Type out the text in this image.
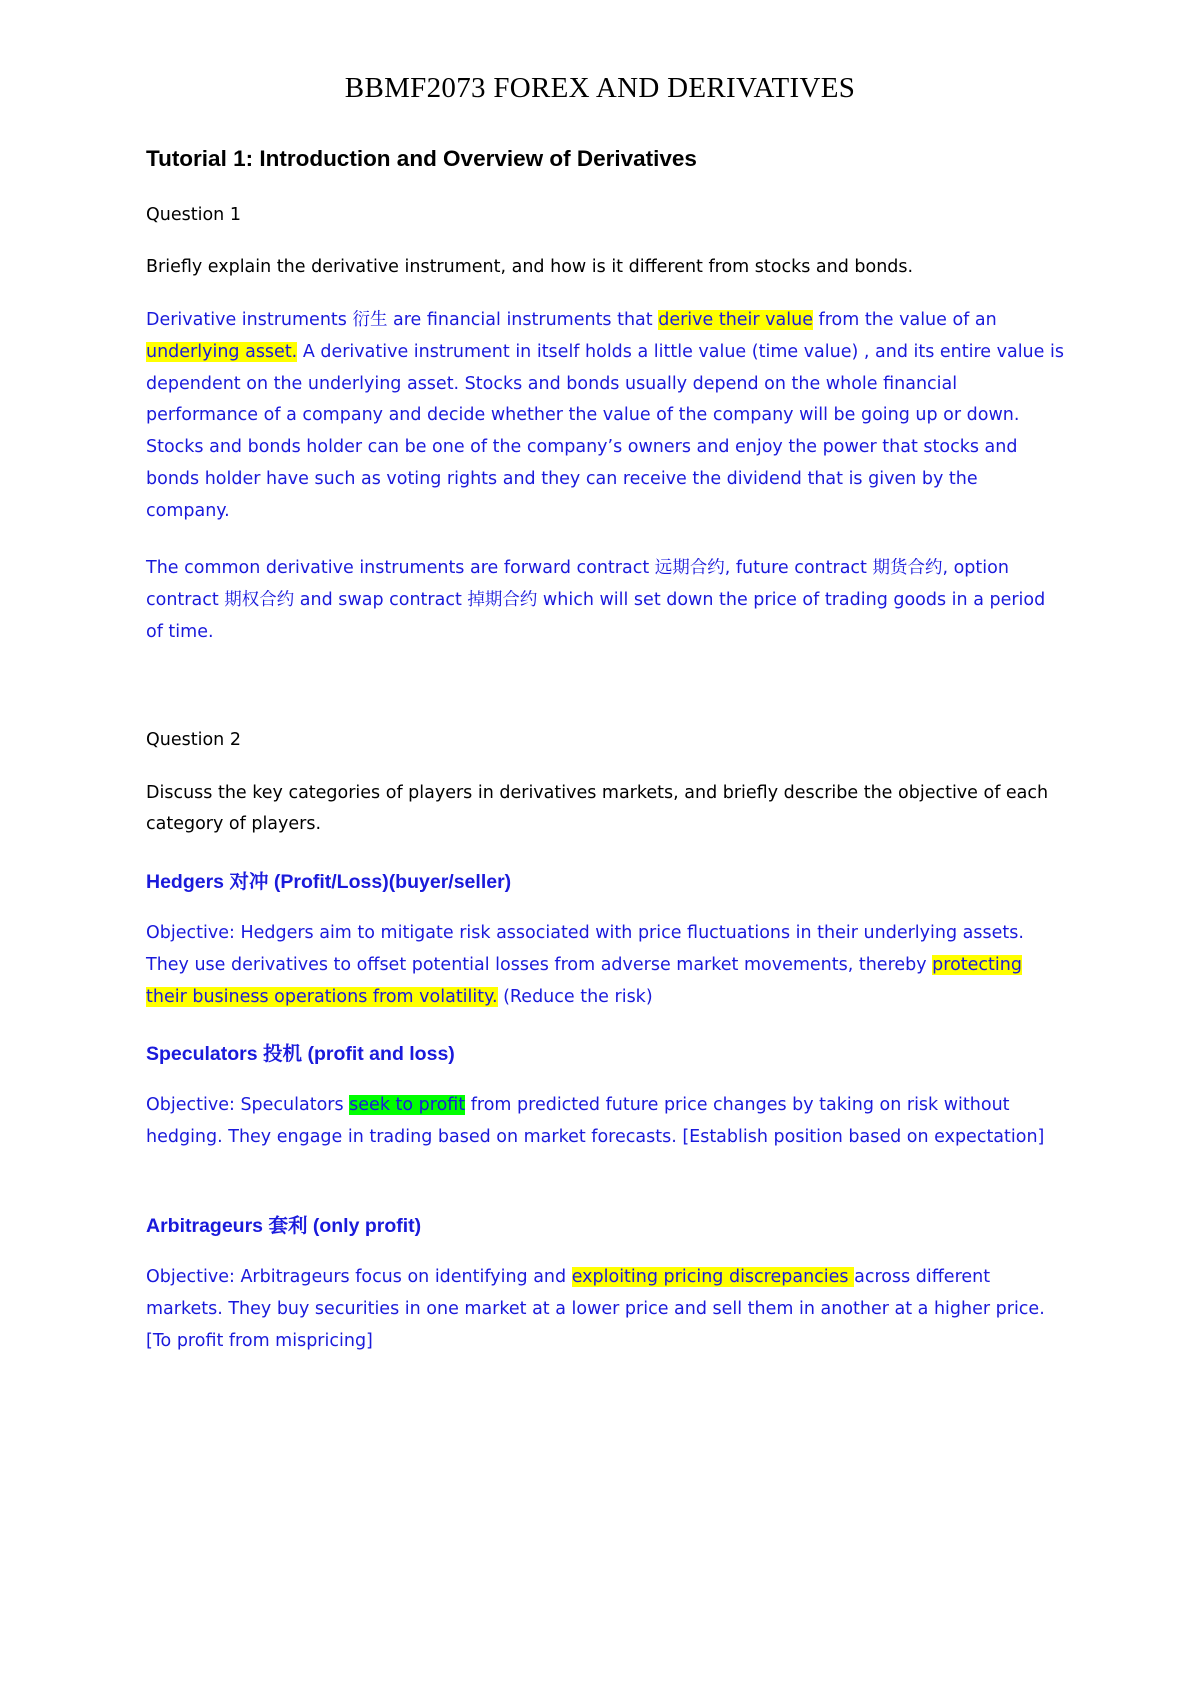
BBMF2073 FOREX AND DERIVATIVES
Tutorial 1: Introduction and Overview of Derivatives
Question 1
Briefly explain the derivative instrument, and how is it different from stocks and bonds.
Derivative instruments 衍生 are financial instruments that derive their value from the value of an underlying asset. A derivative instrument in itself holds a little value (time value) , and its entire value is dependent on the underlying asset. Stocks and bonds usually depend on the whole financial performance of a company and decide whether the value of the company will be going up or down. Stocks and bonds holder can be one of the company’s owners and enjoy the power that stocks and bonds holder have such as voting rights and they can receive the dividend that is given by the company.
The common derivative instruments are forward contract 远期合约, future contract 期货合约, option contract 期权合约 and swap contract 掉期合约 which will set down the price of trading goods in a period of time.
Question 2
Discuss the key categories of players in derivatives markets, and briefly describe the objective of each category of players.
Hedgers 对冲 (Profit/Loss)(buyer/seller)
Objective: Hedgers aim to mitigate risk associated with price fluctuations in their underlying assets. They use derivatives to offset potential losses from adverse market movements, thereby protecting their business operations from volatility. (Reduce the risk)
Speculators 投机 (profit and loss)
Objective: Speculators seek to profit from predicted future price changes by taking on risk without hedging. They engage in trading based on market forecasts. [Establish position based on expectation]
Arbitrageurs 套利 (only profit)
Objective: Arbitrageurs focus on identifying and exploiting pricing discrepancies across different markets. They buy securities in one market at a lower price and sell them in another at a higher price. [To profit from mispricing]
